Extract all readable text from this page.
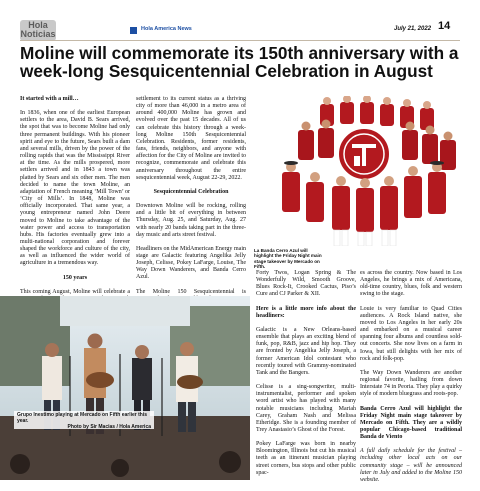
Hola Noticias	Hola America News	July 21, 2022 14
Moline will commemorate its 150th anniversary with a week-long Sesquicentennial Celebration in August
It started with a mill…

In 1836, when one of the earliest European settlers to the area, David B. Sears arrived, the spot that was to become Moline had only three permanent buildings. With his pioneer spirit and eye to the future, Sears built a dam and several mills, driven by the power of the rolling rapids that was the Mississippi River at the time. As the mills prospered, more settlers arrived and in 1843 a town was platted by Sears and six other men. The men decided to name the town Moline, an adaptation of French meaning ‘Mill Town’ or ‘City of Mills’. In 1848, Moline was officially incorporated. That same year, a young entrepreneur named John Deere moved to Moline to take advantage of the water power and access to transportation hubs. His factories eventually grew into a multi-national corporation and forever shaped the workforce and culture of the city, as well as influenced the wider world of agriculture in a tremendous way.

150 years

This coming August, Moline will celebrate a

settlement to its current status as a thriving city of more than 46,000 in a metro area of around 400,000 Moline has grown and evolved over the past 15 decades. All of us can celebrate this history through a week-long Moline 150th Sesquicentennial Celebration. Residents, former residents, fans, friends, neighbors, and anyone with affection for the City of Moline are invited to recognize, commemorate and celebrate this anniversary throughout the entire sesquicentennial week, August 22-29, 2022.

Sesquicentennial Celebration

Downtown Moline will be rocking, rolling and a little bit of everything in between Thursday, Aug. 25, and Saturday, Aug. 27 with nearly 20 bands taking part in the three-day music and arts street festival.

Headliners on the MidAmerican Energy main stage are Galactic featuring Angelika Jelly Joseph, Celisse, Pokey LaFarge, Louise, The Way Down Wanderers, and Banda Cerro Azul.

The Moline 150 Sesquicentennial is

La Banda Cerro Azul will highlight the Friday Night main stage takeover by Mercado on Fifth.

Forty Twos, Logan Spring & The Wonderfully Wild, Smooth Groove, Blues Rock-It, Crooked Cactus, Piso’s Cure and CJ Parker & XII.

Here is a little more info about the headliners:

Galactic is a New Orleans-based ensemble that plays an exciting blend of funk, pop, R&B, jazz and hip hop. They are fronted by Angelika Jelly Joseph, a former American Idol contestant who recently toured with Grammy-nominated Tank and the Bangers.

Celisse is a sing-songwriter, multi-instrumentalist, performer and spoken word artist who has played with many notable musicians including Mariah Carey, Graham Nash and Melissa Etheridge. She is a founding member of Trey Anastasio’s Ghost of the Forest.

Pokey LaFarge was born in nearby Bloomington, Illinois but cut his musical teeth as an itinerant musician playing street corners, bus stops and other public spac-

es across the country. Now based in Los Angeles, he brings a mix of Americana, old-time country, blues, folk and western swing to the stage.

Louie is very familiar to Quad Cities audiences. A Rock Island native, she moved to Los Angeles in her early 20s and embarked on a musical career spanning four albums and countless sold-out concerts. She now lives on a farm in Iowa, but still delights with her mix of rock and folk-pop.

The Way Down Wanderers are another regional favorite, hailing from down Interstate 74 in Peoria. They play a quirky style of modern bluegrass and roots-pop.

Banda Cerro Azul will highlight the Friday Night main stage takeover by Mercado on Fifth. They are a wildly popular Chicago-based traditional Banda de Viento

A full daily schedule for the festival – including other local acts on our community stage – will be announced later in July and added to the Moline 150 website.

Grupo Inestimo playing at Mercado on Fifth earlier this year.
Photo by Sir Macias / Hola America
